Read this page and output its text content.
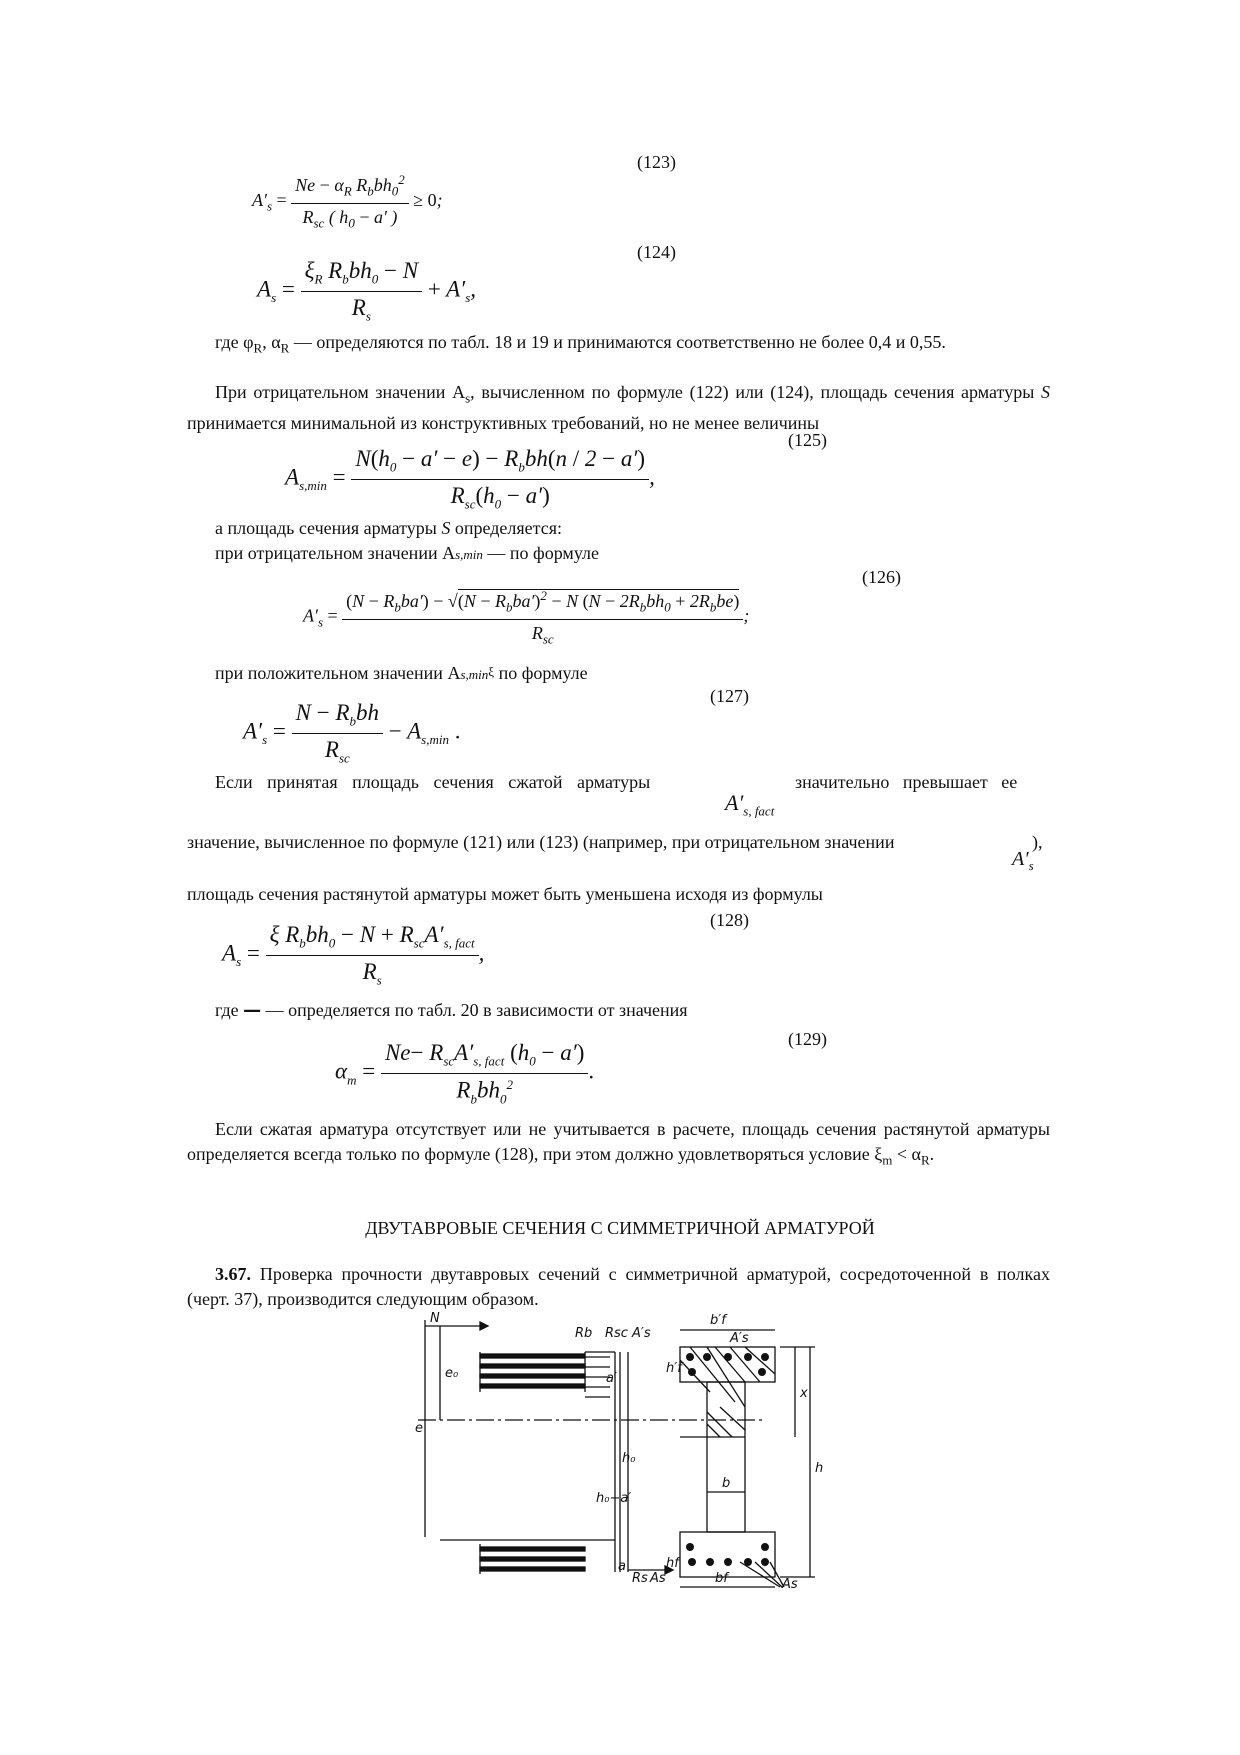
(123)
(124)
(125)
(126)
(127)
(128)
(129)
$A'_s = \frac{Ne - \alpha_R R_bbh_0^2}{R_{sc} ( h_0 - a' )} \ge 0$;
$A_s = \frac{\xi_R R_bbh_0 - N}{R_s} + A'_s$,
где $\varphi_R$, $\alpha_R$ — определяются по табл. 18 и 19 и принимаются соответственно не более 0,4 и 0,55.
При отрицательном значении $A_s$, вычисленном по формуле (122) или (124), площадь сечения арматуры S принимается минимальной из конструктивных требований, но не менее величины
$A_{s,min} = \frac{N(h_0 - a' - e) - R_bbh(n / 2 - a')}{R_{sc}(h_0 - a')}$ ,
а площадь сечения арматуры S определяется:
при отрицательном значении As,min — по формуле
$A'_s = \frac{(N - R_bba') - √(N - R_bba')^2 - N (N - 2R_bbh_0 + 2R_bbe)}{R_{sc}}$ ;
при положительном значении As,minξ по формуле
$A'_s = \frac{N - R_bbh}{R_{sc}} - A_{s,min}$ .
Если принятая площадь сечения сжатой арматуры	значительно превышает ее
$A'_{s, fact}$
значение, вычисленное по формуле (121) или (123) (например, при отрицательном значении	),
$A'_s$
площадь сечения растянутой арматуры может быть уменьшена исходя из формулы
$A_s = \frac{\xi R_bbh_0 - N + R_{sc}A'_{s, fact}}{R_s}$ ,
где — — определяется по табл. 20 в зависимости от значения
$\alpha_m = \frac{Ne- R_{sc}A'_{s, fact} (h_0 - a')}{R_bbh_0^2}$ .
Если сжатая арматура отсутствует или не учитывается в расчете, площадь сечения растянутой арматуры определяется всегда только по формуле (128), при этом должно удовлетворяться условие $\xi_m < \alpha_R$.
ДВУТАВРОВЫЕ СЕЧЕНИЯ С СИММЕТРИЧНОЙ АРМАТУРОЙ
3.67. Проверка прочности двутавровых сечений с симметричной арматурой, сосредоточенной в полках (черт. 37), производится следующим образом.
N
e₀
e
Rb Rsc A′s
a′
h₀−a′
h₀
a
Rs As
b′f
A′s
h′f
x
b
h
hf
bf	As
